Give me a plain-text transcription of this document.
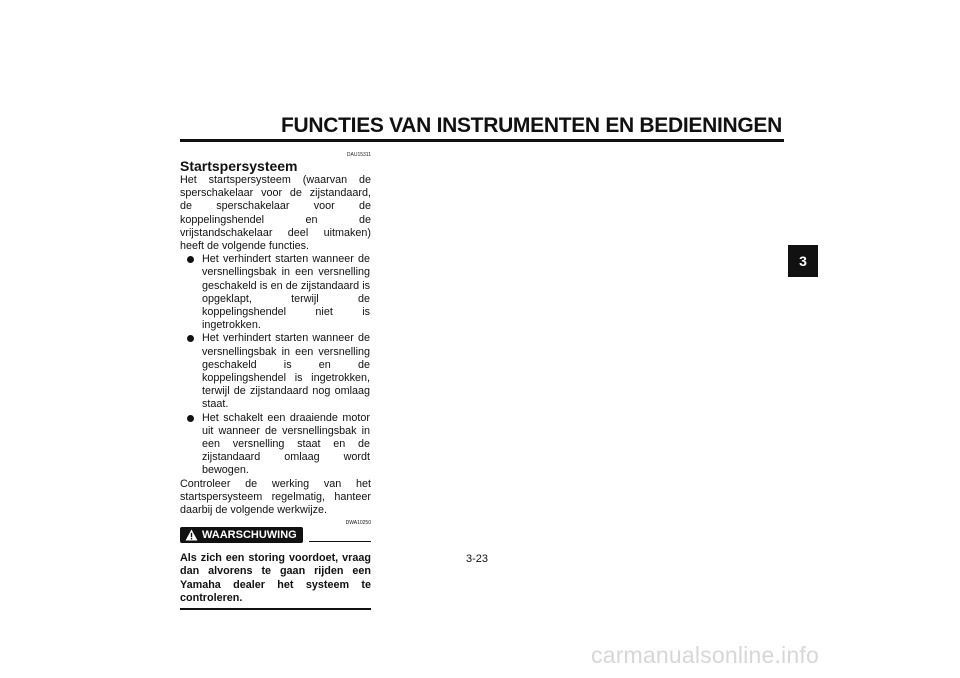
FUNCTIES VAN INSTRUMENTEN EN BEDIENINGEN
3
DAU15311
Startspersysteem
Het startspersysteem (waarvan de sperschakelaar voor de zijstandaard, de sperschakelaar voor de koppelingshendel en de vrijstandschakelaar deel uitmaken) heeft de volgende functies.
Het verhindert starten wanneer de versnellingsbak in een versnelling geschakeld is en de zijstandaard is opgeklapt, terwijl de koppelingshendel niet is ingetrokken.
Het verhindert starten wanneer de versnellingsbak in een versnelling geschakeld is en de koppelingshendel is ingetrokken, terwijl de zijstandaard nog omlaag staat.
Het schakelt een draaiende motor uit wanneer de versnellingsbak in een versnelling staat en de zijstandaard omlaag wordt bewogen.
Controleer de werking van het startspersysteem regelmatig, hanteer daarbij de volgende werkwijze.
DWA10250
WAARSCHUWING
Als zich een storing voordoet, vraag dan alvorens te gaan rijden een Yamaha dealer het systeem te controleren.
3-23
carmanualsonline.info
